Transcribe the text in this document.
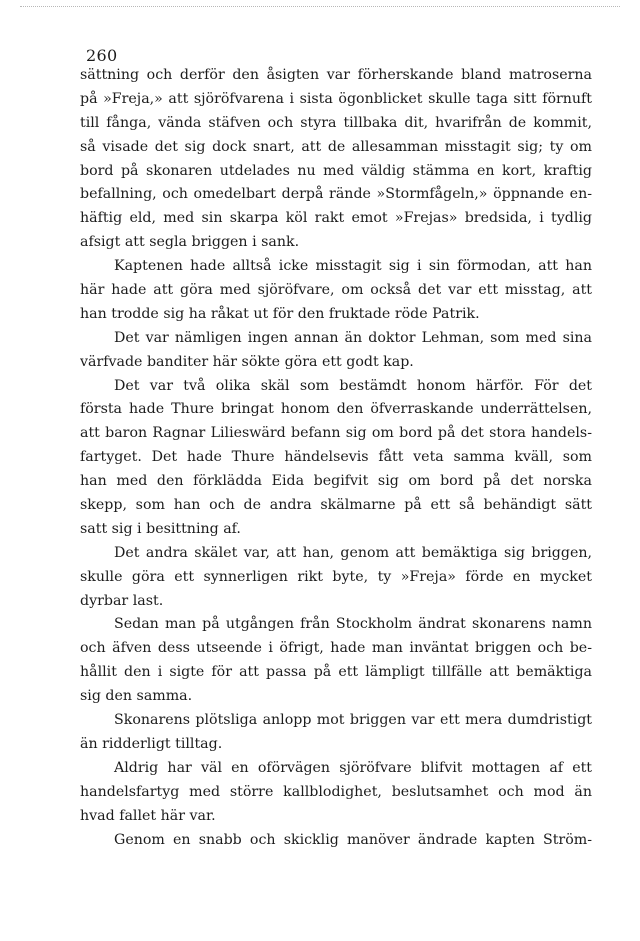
260
sättning och derför den åsigten var förherskande bland matroserna
på »Freja,» att sjöröfvarena i sista ögonblicket skulle taga sitt förnuft
till fånga, vända stäfven och styra tillbaka dit, hvarifrån de kommit,
så visade det sig dock snart, att de allesamman misstagit sig; ty om
bord på skonaren utdelades nu med väldig stämma en kort, kraftig
befallning, och omedelbart derpå rände »Stormfågeln,» öppnande en-
häftig eld, med sin skarpa köl rakt emot »Frejas» bredsida, i tydlig
afsigt att segla briggen i sank.
Kaptenen hade alltså icke misstagit sig i sin förmodan, att han
här hade att göra med sjöröfvare, om också det var ett misstag, att
han trodde sig ha råkat ut för den fruktade röde Patrik.
Det var nämligen ingen annan än doktor Lehman, som med sina
värfvade banditer här sökte göra ett godt kap.
Det var två olika skäl som bestämdt honom härför. För det
första hade Thure bringat honom den öfverraskande underrättelsen,
att baron Ragnar Lilieswärd befann sig om bord på det stora handels-
fartyget. Det hade Thure händelsevis fått veta samma kväll, som
han med den förklädda Eida begifvit sig om bord på det norska
skepp, som han och de andra skälmarne på ett så behändigt sätt
satt sig i besittning af.
Det andra skälet var, att han, genom att bemäktiga sig briggen,
skulle göra ett synnerligen rikt byte, ty »Freja» förde en mycket
dyrbar last.
Sedan man på utgången från Stockholm ändrat skonarens namn
och äfven dess utseende i öfrigt, hade man inväntat briggen och be-
hållit den i sigte för att passa på ett lämpligt tillfälle att bemäktiga
sig den samma.
Skonarens plötsliga anlopp mot briggen var ett mera dumdristigt
än ridderligt tilltag.
Aldrig har väl en oförvägen sjöröfvare blifvit mottagen af ett
handelsfartyg med större kallblodighet, beslutsamhet och mod än
hvad fallet här var.
Genom en snabb och skicklig manöver ändrade kapten Ström-
